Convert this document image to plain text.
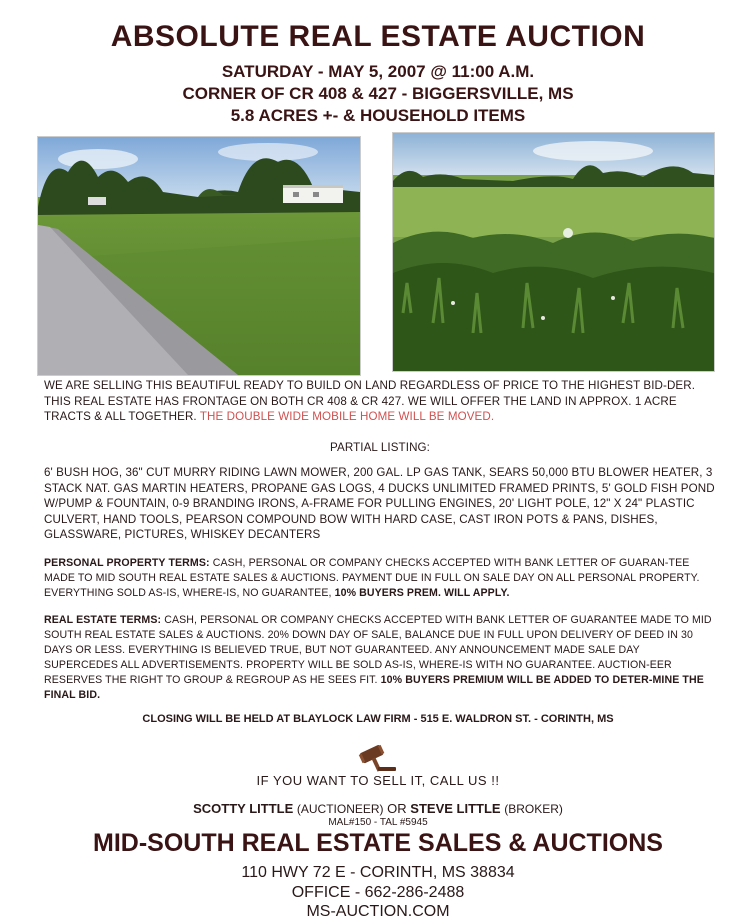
ABSOLUTE REAL ESTATE AUCTION
SATURDAY - MAY 5, 2007 @ 11:00 A.M.
CORNER OF CR 408 & 427 - BIGGERSVILLE, MS
5.8 ACRES +- & HOUSEHOLD ITEMS
WE ARE SELLING THIS BEAUTIFUL READY TO BUILD ON LAND REGARDLESS OF PRICE TO THE HIGHEST BID-DER. THIS REAL ESTATE HAS FRONTAGE ON BOTH CR 408 & CR 427. WE WILL OFFER THE LAND IN APPROX. 1 ACRE TRACTS & ALL TOGETHER. THE DOUBLE WIDE MOBILE HOME WILL BE MOVED.
PARTIAL LISTING:
6' BUSH HOG, 36" CUT MURRY RIDING LAWN MOWER, 200 GAL. LP GAS TANK, SEARS 50,000 BTU BLOWER HEATER, 3 STACK NAT. GAS MARTIN HEATERS, PROPANE GAS LOGS, 4 DUCKS UNLIMITED FRAMED PRINTS, 5' GOLD FISH POND W/PUMP & FOUNTAIN, 0-9 BRANDING IRONS, A-FRAME FOR PULLING ENGINES, 20' LIGHT POLE, 12" X 24" PLASTIC CULVERT, HAND TOOLS, PEARSON COMPOUND BOW WITH HARD CASE, CAST IRON POTS & PANS, DISHES, GLASSWARE, PICTURES, WHISKEY DECANTERS
PERSONAL PROPERTY TERMS: CASH, PERSONAL OR COMPANY CHECKS ACCEPTED WITH BANK LETTER OF GUARAN-TEE MADE TO MID SOUTH REAL ESTATE SALES & AUCTIONS. PAYMENT DUE IN FULL ON SALE DAY ON ALL PERSONAL PROPERTY. EVERYTHING SOLD AS-IS, WHERE-IS, NO GUARANTEE, 10% BUYERS PREM. WILL APPLY.
REAL ESTATE TERMS: CASH, PERSONAL OR COMPANY CHECKS ACCEPTED WITH BANK LETTER OF GUARANTEE MADE TO MID SOUTH REAL ESTATE SALES & AUCTIONS. 20% DOWN DAY OF SALE, BALANCE DUE IN FULL UPON DELIVERY OF DEED IN 30 DAYS OR LESS. EVERYTHING IS BELIEVED TRUE, BUT NOT GUARANTEED. ANY ANNOUNCEMENT MADE SALE DAY SUPERCEDES ALL ADVERTISEMENTS. PROPERTY WILL BE SOLD AS-IS, WHERE-IS WITH NO GUARANTEE. AUCTION-EER RESERVES THE RIGHT TO GROUP & REGROUP AS HE SEES FIT. 10% BUYERS PREMIUM WILL BE ADDED TO DETER-MINE THE FINAL BID.
CLOSING WILL BE HELD AT BLAYLOCK LAW FIRM - 515 E. WALDRON ST. - CORINTH, MS
IF YOU WANT TO SELL IT, CALL US !!
SCOTTY LITTLE (AUCTIONEER) OR STEVE LITTLE (BROKER)
MAL#150 - TAL #5945
MID-SOUTH REAL ESTATE SALES & AUCTIONS
110 HWY 72 E - CORINTH, MS 38834
OFFICE - 662-286-2488
MS-AUCTION.COM
